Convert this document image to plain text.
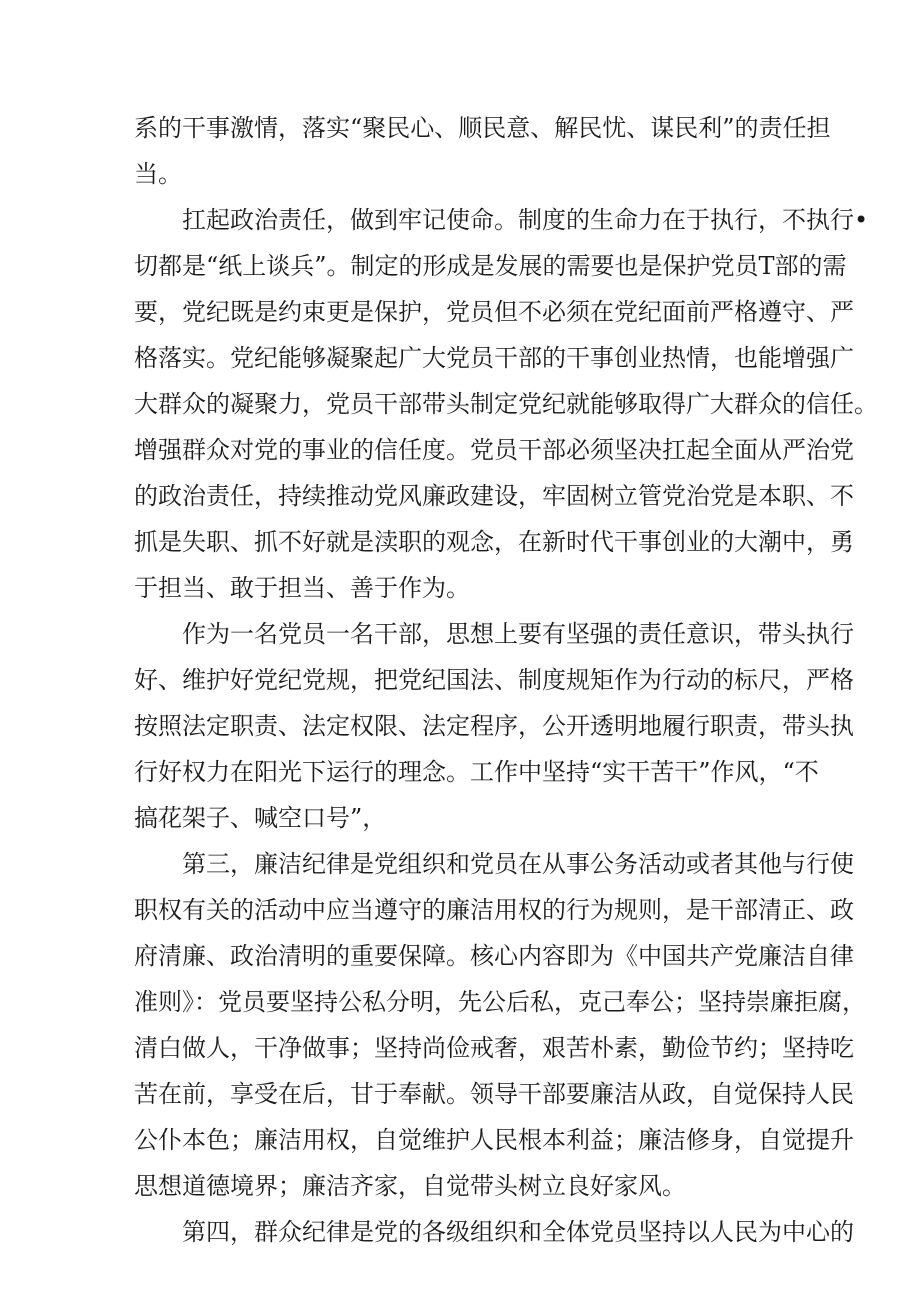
系的干事激情，落实“聚民心、顺民意、解民忧、谋民利”的责任担
当。
扛起政治责任，做到牢记使命。制度的生命力在于执行，不执行•
切都是“纸上谈兵”。制定的形成是发展的需要也是保护党员T部的需
要，党纪既是约束更是保护，党员但不必须在党纪面前严格遵守、严
格落实。党纪能够凝聚起广大党员干部的干事创业热情，也能增强广
大群众的凝聚力，党员干部带头制定党纪就能够取得广大群众的信任。
增强群众对党的事业的信任度。党员干部必须坚决扛起全面从严治党
的政治责任，持续推动党风廉政建设，牢固树立管党治党是本职、不
抓是失职、抓不好就是渎职的观念，在新时代干事创业的大潮中，勇
于担当、敢于担当、善于作为。
作为一名党员一名干部，思想上要有坚强的责任意识，带头执行
好、维护好党纪党规，把党纪国法、制度规矩作为行动的标尺，严格
按照法定职责、法定权限、法定程序，公开透明地履行职责，带头执
行好权力在阳光下运行的理念。工作中坚持“实干苦干”作风，“不
搞花架子、喊空口号”，
第三，廉洁纪律是党组织和党员在从事公务活动或者其他与行使
职权有关的活动中应当遵守的廉洁用权的行为规则，是干部清正、政
府清廉、政治清明的重要保障。核心内容即为《中国共产党廉洁自律
准则》：党员要坚持公私分明，先公后私，克己奉公；坚持崇廉拒腐，
清白做人，干净做事；坚持尚俭戒奢，艰苦朴素，勤俭节约；坚持吃
苦在前，享受在后，甘于奉献。领导干部要廉洁从政，自觉保持人民
公仆本色；廉洁用权，自觉维护人民根本利益；廉洁修身，自觉提升
思想道德境界；廉洁齐家，自觉带头树立良好家风。
第四，群众纪律是党的各级组织和全体党员坚持以人民为中心的
